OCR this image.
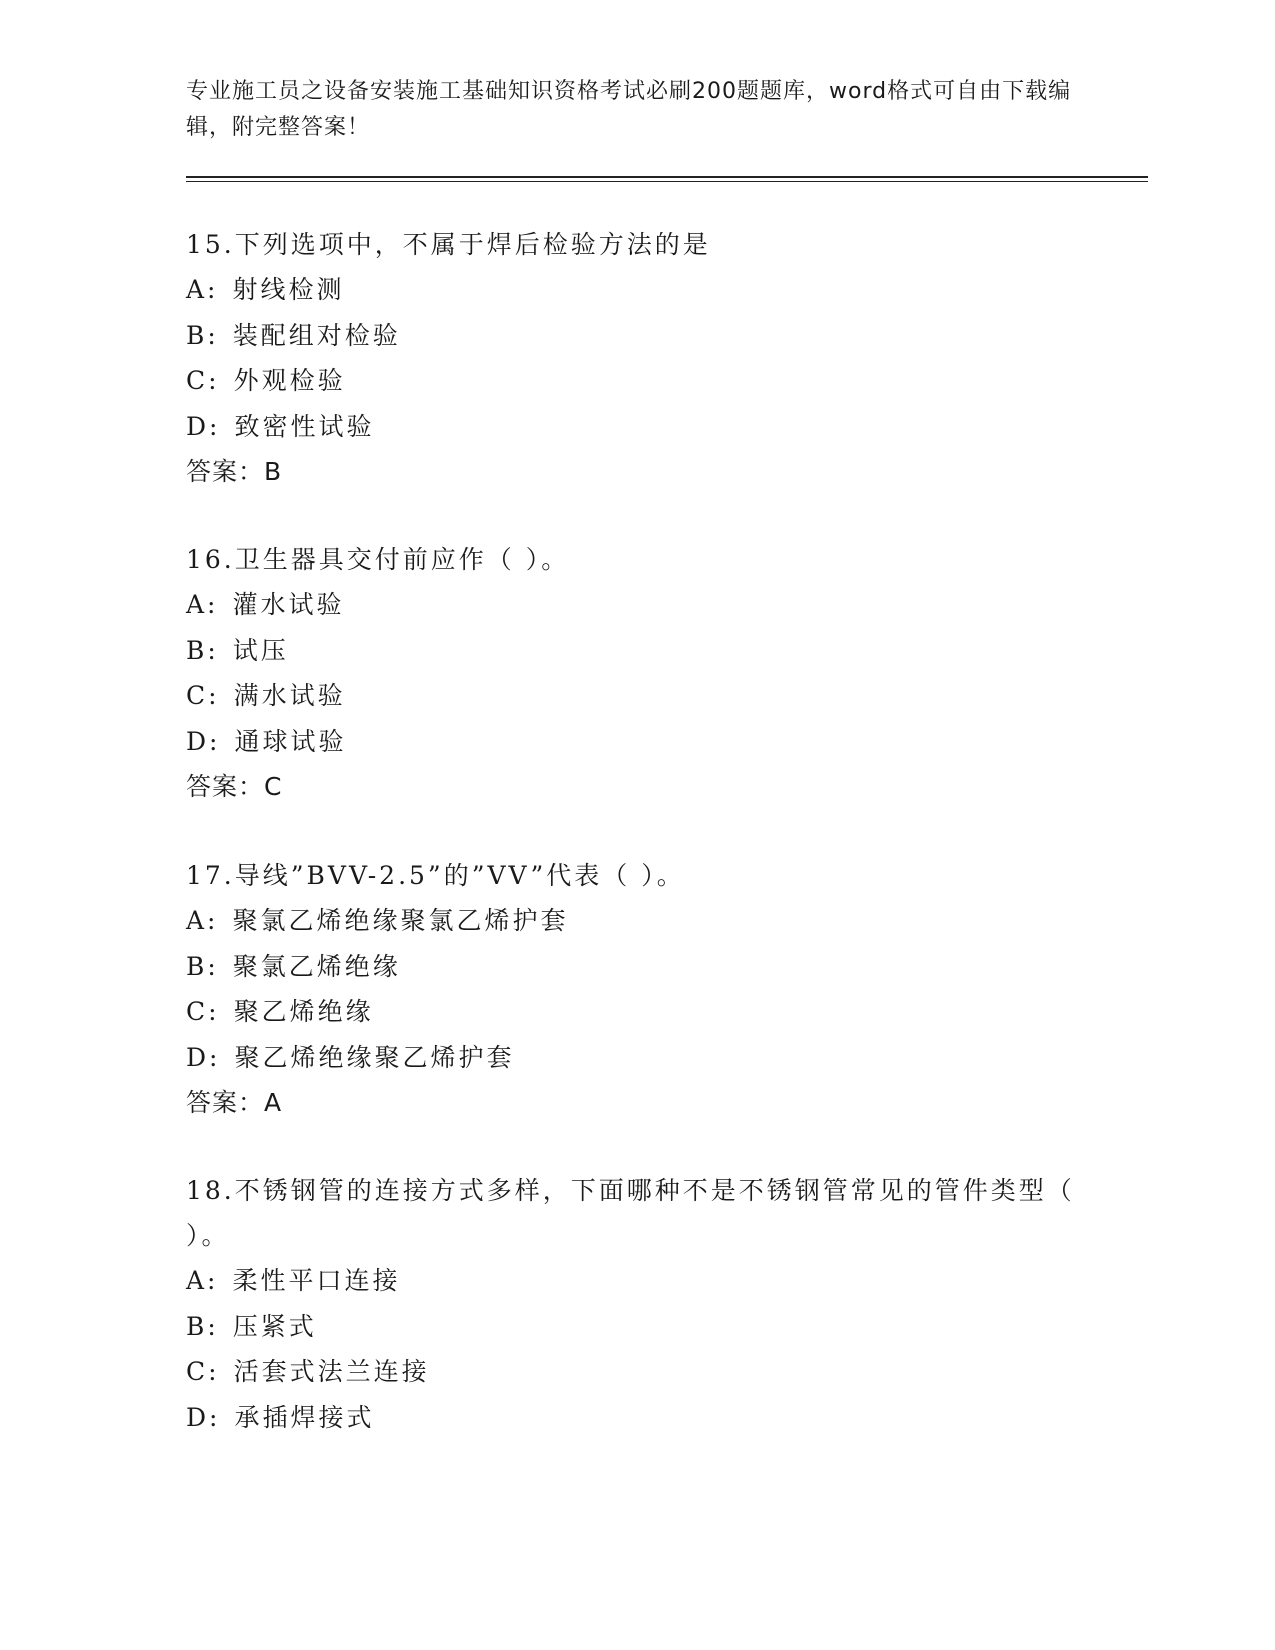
专业施工员之设备安装施工基础知识资格考试必刷200题题库，word格式可自由下载编辑，附完整答案！
15.下列选项中，不属于焊后检验方法的是
A: 射线检测
B: 装配组对检验
C: 外观检验
D: 致密性试验
答案：B
16.卫生器具交付前应作（ ）。
A: 灌水试验
B: 试压
C: 满水试验
D: 通球试验
答案：C
17.导线”BVV-2.5”的”VV”代表（ ）。
A: 聚氯乙烯绝缘聚氯乙烯护套
B: 聚氯乙烯绝缘
C: 聚乙烯绝缘
D: 聚乙烯绝缘聚乙烯护套
答案：A
18.不锈钢管的连接方式多样，下面哪种不是不锈钢管常见的管件类型（ ）。
A: 柔性平口连接
B: 压紧式
C: 活套式法兰连接
D: 承插焊接式
